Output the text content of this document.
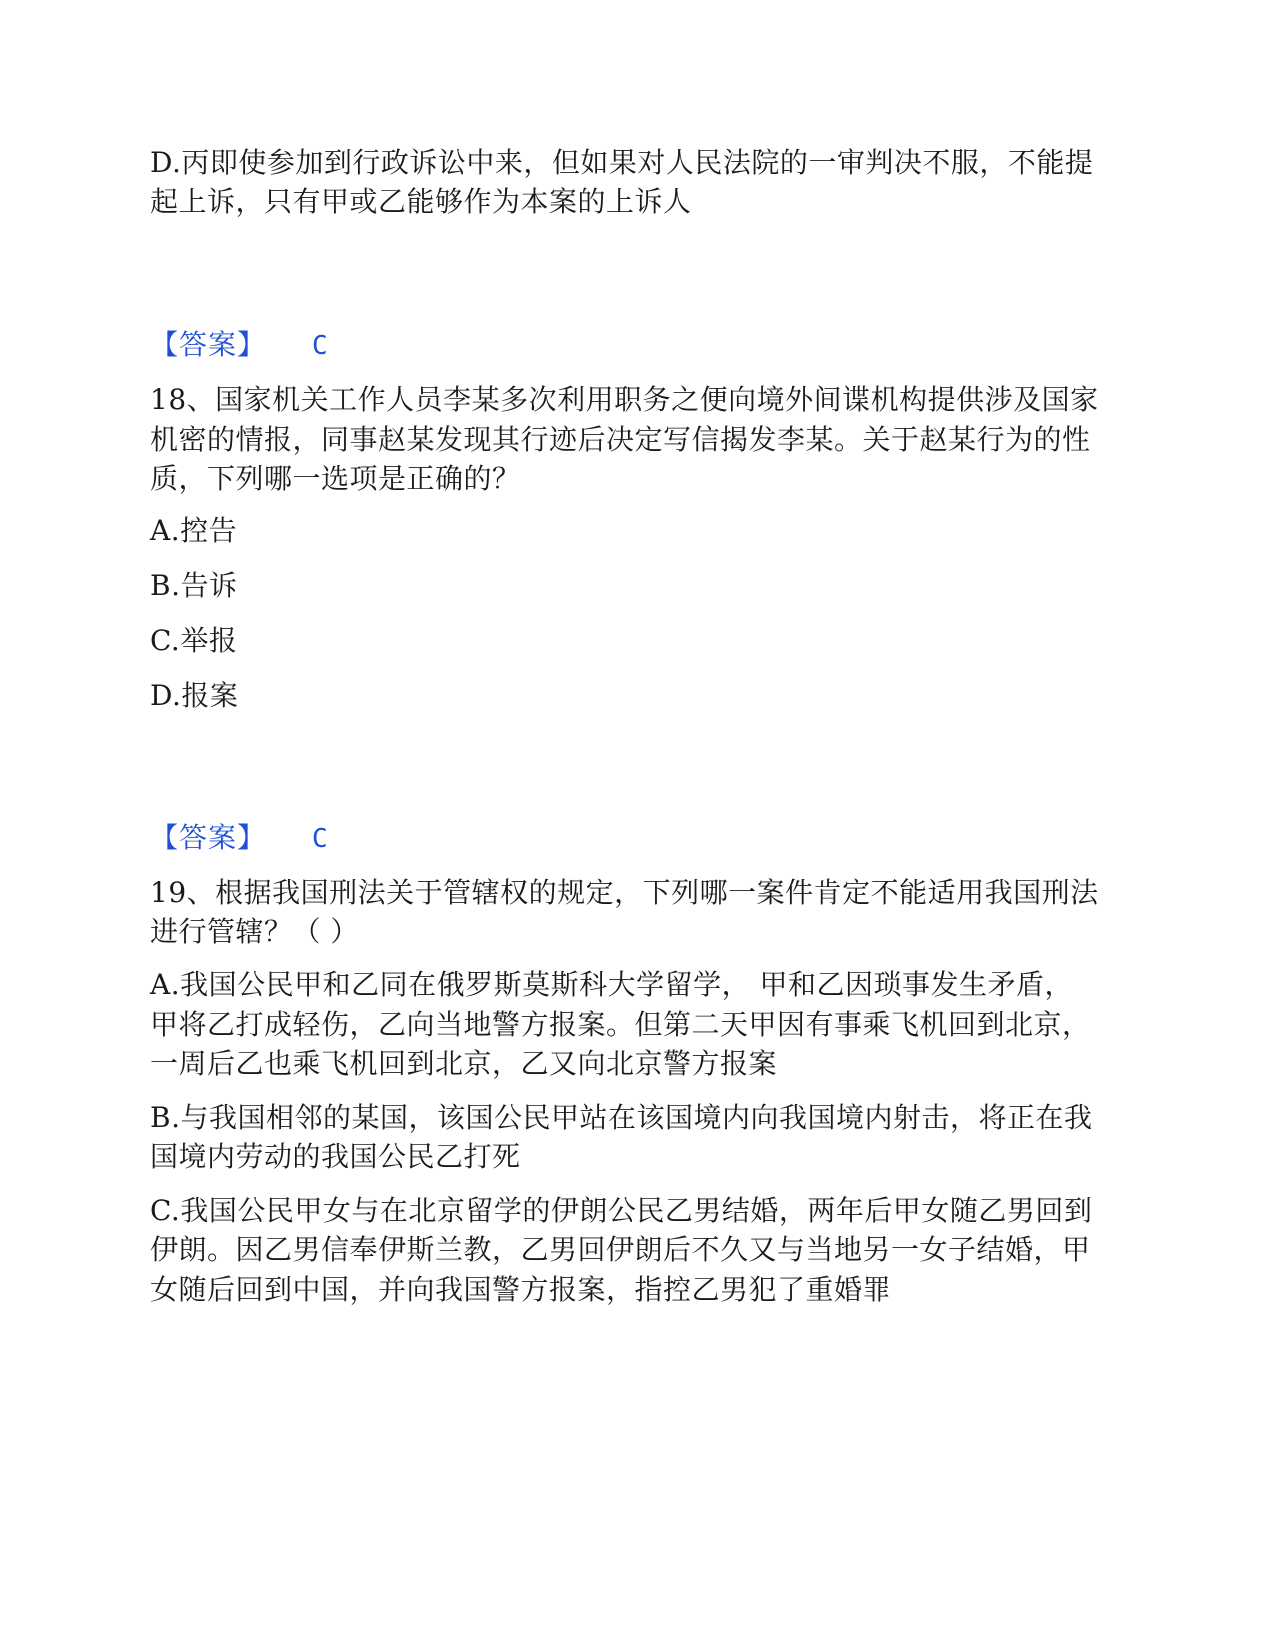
D.丙即使参加到行政诉讼中来，但如果对人民法院的一审判决不服，不能提
起上诉，只有甲或乙能够作为本案的上诉人
【答案】 C
18、国家机关工作人员李某多次利用职务之便向境外间谍机构提供涉及国家
机密的情报，同事赵某发现其行迹后决定写信揭发李某。关于赵某行为的性
质，下列哪一选项是正确的？
A.控告
B.告诉
C.举报
D.报案
【答案】 C
19、根据我国刑法关于管辖权的规定，下列哪一案件肯定不能适用我国刑法
进行管辖？（ ）
A.我国公民甲和乙同在俄罗斯莫斯科大学留学， 甲和乙因琐事发生矛盾，
甲将乙打成轻伤，乙向当地警方报案。但第二天甲因有事乘飞机回到北京，
一周后乙也乘飞机回到北京，乙又向北京警方报案
B.与我国相邻的某国，该国公民甲站在该国境内向我国境内射击，将正在我
国境内劳动的我国公民乙打死
C.我国公民甲女与在北京留学的伊朗公民乙男结婚，两年后甲女随乙男回到
伊朗。因乙男信奉伊斯兰教，乙男回伊朗后不久又与当地另一女子结婚，甲
女随后回到中国，并向我国警方报案，指控乙男犯了重婚罪
